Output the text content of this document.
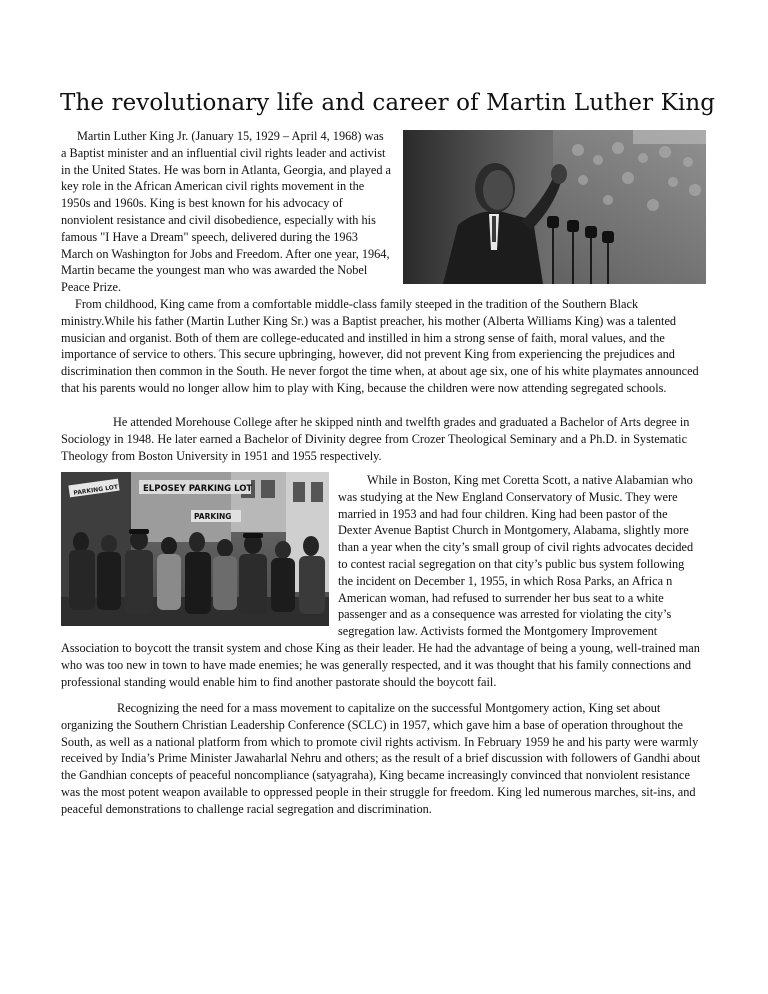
The revolutionary life and career of Martin Luther King

Martin Luther King Jr. (January 15, 1929 – April 4, 1968) was a Baptist minister and an influential civil rights leader and activist in the United States. He was born in Atlanta, Georgia, and played a key role in the African American civil rights movement in the 1950s and 1960s. King is best known for his advocacy of nonviolent resistance and civil disobedience, especially with his famous "I Have a Dream" speech, delivered during the 1963 March on Washington for Jobs and Freedom. After one year, 1964, Martin became the youngest man who was awarded the Nobel Peace Prize.

From childhood, King came from a comfortable middle-class family steeped in the tradition of the Southern Black ministry.While his father (Martin Luther King Sr.) was a Baptist preacher, his mother (Alberta Williams King) was a talented musician and organist. Both of them are college-educated and instilled in him a strong sense of faith, moral values, and the importance of service to others. This secure upbringing, however, did not prevent King from experiencing the prejudices and discrimination then common in the South. He never forgot the time when, at about age six, one of his white playmates announced that his parents would no longer allow him to play with King, because the children were now attending segregated schools.

He attended Morehouse College after he skipped ninth and twelfth grades and graduated a Bachelor of Arts degree in Sociology in 1948. He later earned a Bachelor of Divinity degree from Crozer Theological Seminary and a Ph.D. in Systematic Theology from Boston University in 1951 and 1955 respectively.

PARKING LOT	ELPOSEY PARKING LOT
PARKING
While in Boston, King met Coretta Scott, a native Alabamian who was studying at the New England Conservatory of Music. They were married in 1953 and had four children. King had been pastor of the Dexter Avenue Baptist Church in Montgomery, Alabama, slightly more than a year when the city’s small group of civil rights advocates decided to contest racial segregation on that city’s public bus system following the incident on December 1, 1955, in which Rosa Parks, an Africa n American woman, had refused to surrender her bus seat to a white passenger and as a consequence was arrested for violating the city’s segregation law. Activists formed the Montgomery Improvement Association to boycott the transit system and chose King as their leader. He had the advantage of being a young, well-trained man who was too new in town to have made enemies; he was generally respected, and it was thought that his family connections and professional standing would enable him to find another pastorate should the boycott fail.

Recognizing the need for a mass movement to capitalize on the successful Montgomery action, King set about organizing the Southern Christian Leadership Conference (SCLC) in 1957, which gave him a base of operation throughout the South, as well as a national platform from which to promote civil rights activism. In February 1959 he and his party were warmly received by India’s Prime Minister Jawaharlal Nehru and others; as the result of a brief discussion with followers of Gandhi about the Gandhian concepts of peaceful noncompliance (satyagraha), King became increasingly convinced that nonviolent resistance was the most potent weapon available to oppressed people in their struggle for freedom. King led numerous marches, sit-ins, and peaceful demonstrations to challenge racial segregation and discrimination.
